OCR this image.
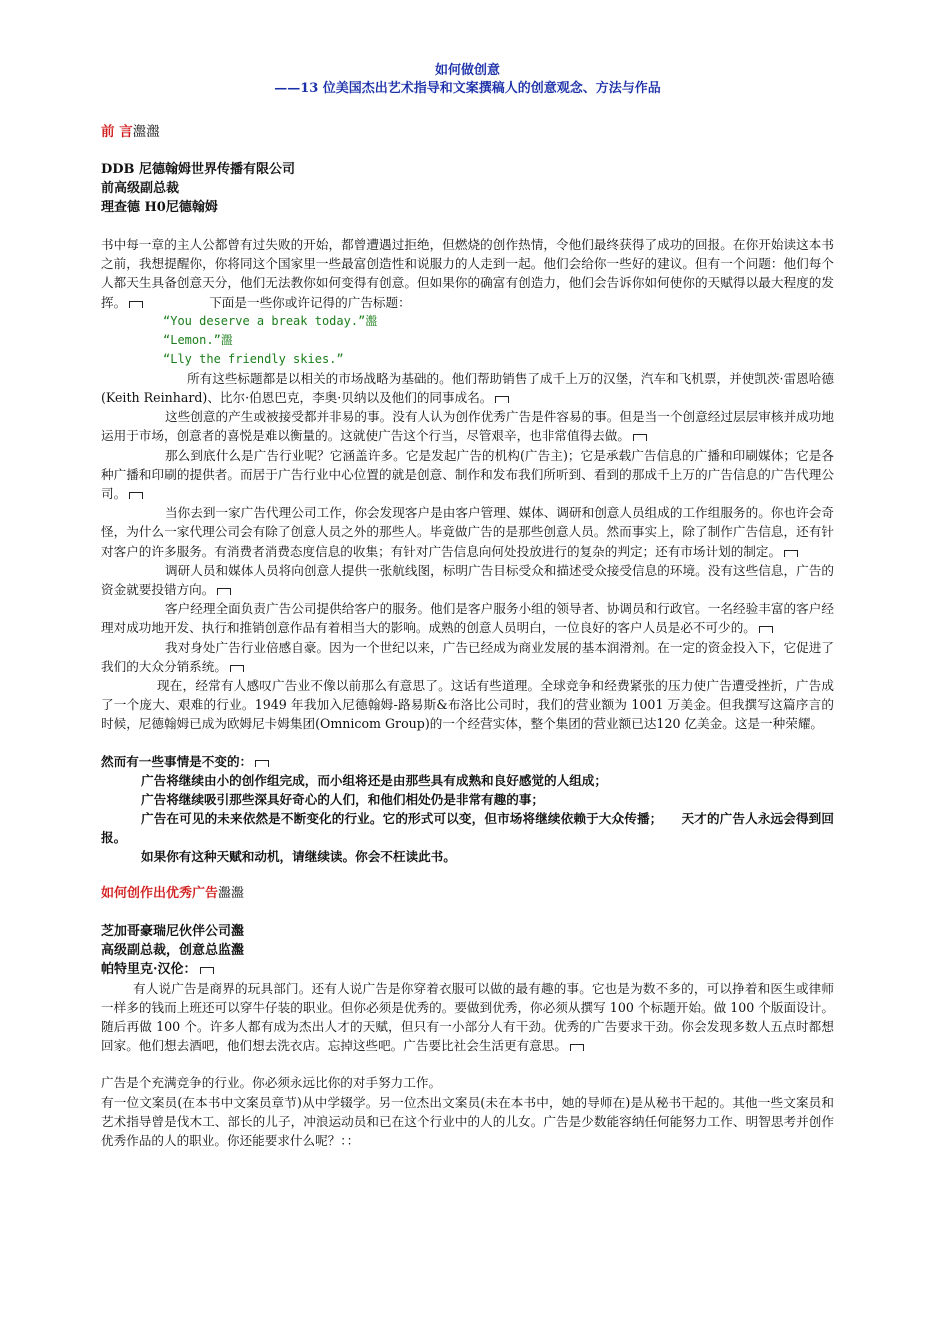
如何做创意
——13 位美国杰出艺术指导和文案撰稿人的创意观念、方法与作品
前 言瀊瀊
DDB 尼德翰姆世界传播有限公司
前高级副总裁
理查德 H0尼德翰姆

书中每一章的主人公都曾有过失败的开始，都曾遭遇过拒绝，但燃烧的创作热情，令他们最终获得了成功的回报。在你开始读这本书之前，我想提醒你，你将同这个国家里一些最富创造性和说服力的人走到一起。他们会给你一些好的建议。但有一个问题：他们每个人都天生具备创意天分，他们无法教你如何变得有创意。但如果你的确富有创造力，他们会告诉你如何使你的天赋得以最大程度的发挥。	下面是一些你或许记得的广告标题：

“You deserve a break today.”瀊
“Lemon.”瀊
“Lly the friendly skies.”

所有这些标题都是以相关的市场战略为基础的。他们帮助销售了成千上万的汉堡，汽车和飞机票，并使凯茨·雷恩哈德(Keith Reinhard)、比尔·伯恩巴克，李奥·贝纳以及他们的同事成名。

这些创意的产生或被接受都并非易的事。没有人认为创作优秀广告是件容易的事。但是当一个创意经过层层审核并成功地运用于市场，创意者的喜悦是难以衡量的。这就使广告这个行当，尽管艰辛，也非常值得去做。

那么到底什么是广告行业呢？它涵盖许多。它是发起广告的机构(广告主)；它是承载广告信息的广播和印刷媒体；它是各种广播和印刷的提供者。而居于广告行业中心位置的就是创意、制作和发布我们所听到、看到的那成千上万的广告信息的广告代理公司。

当你去到一家广告代理公司工作，你会发现客户是由客户管理、媒体、调研和创意人员组成的工作组服务的。你也许会奇怪，为什么一家代理公司会有除了创意人员之外的那些人。毕竟做广告的是那些创意人员。然而事实上，除了制作广告信息，还有针对客户的许多服务。有消费者消费态度信息的收集；有针对广告信息向何处投放进行的复杂的判定；还有市场计划的制定。

调研人员和媒体人员将向创意人提供一张航线图，标明广告目标受众和描述受众接受信息的环境。没有这些信息，广告的资金就要投错方向。

客户经理全面负责广告公司提供给客户的服务。他们是客户服务小组的领导者、协调员和行政官。一名经验丰富的客户经理对成功地开发、执行和推销创意作品有着相当大的影响。成熟的创意人员明白，一位良好的客户人员是必不可少的。

我对身处广告行业倍感自豪。因为一个世纪以来，广告已经成为商业发展的基本润滑剂。在一定的资金投入下，它促进了我们的大众分销系统。

现在，经常有人感叹广告业不像以前那么有意思了。这话有些道理。全球竞争和经费紧张的压力使广告遭受挫折，广告成了一个庞大、艰难的行业。1949 年我加入尼德翰姆-路易斯&布洛比公司时，我们的营业额为 1001 万美金。但我撰写这篇序言的时候，尼德翰姆已成为欧姆尼卡姆集团(Omnicom Group)的一个经营实体，整个集团的营业额已达120 亿美金。这是一种荣耀。

然而有一些事情是不变的：

广告将继续由小的创作组完成，而小组将还是由那些具有成熟和良好感觉的人组成；

广告将继续吸引那些深具好奇心的人们，和他们相处仍是非常有趣的事；

广告在可见的未来依然是不断变化的行业。它的形式可以变，但市场将继续依赖于大众传播；　　天才的广告人永远会得到回报。

如果你有这种天赋和动机，请继续读。你会不枉读此书。

如何创作出优秀广告瀊瀊
芝加哥豪瑞尼伙伴公司瀊
高级副总裁，创意总监瀊
帕特里克·汉伦：

有人说广告是商界的玩具部门。还有人说广告是你穿着衣服可以做的最有趣的事。它也是为数不多的，可以挣着和医生或律师一样多的钱而上班还可以穿牛仔装的职业。但你必须是优秀的。要做到优秀，你必须从撰写 100 个标题开始。做 100 个版面设计。随后再做 100 个。许多人都有成为杰出人才的天赋，但只有一小部分人有干劲。优秀的广告要求干劲。你会发现多数人五点时都想回家。他们想去酒吧，他们想去洗衣店。忘掉这些吧。广告要比社会生活更有意思。

广告是个充满竞争的行业。你必须永远比你的对手努力工作。

有一位文案员(在本书中文案员章节)从中学辍学。另一位杰出文案员(未在本书中，她的导师在)是从秘书干起的。其他一些文案员和艺术指导曾是伐木工、部长的儿子，冲浪运动员和已在这个行业中的人的儿女。广告是少数能容纳任何能努力工作、明智思考并创作优秀作品的人的职业。你还能要求什么呢？：：
